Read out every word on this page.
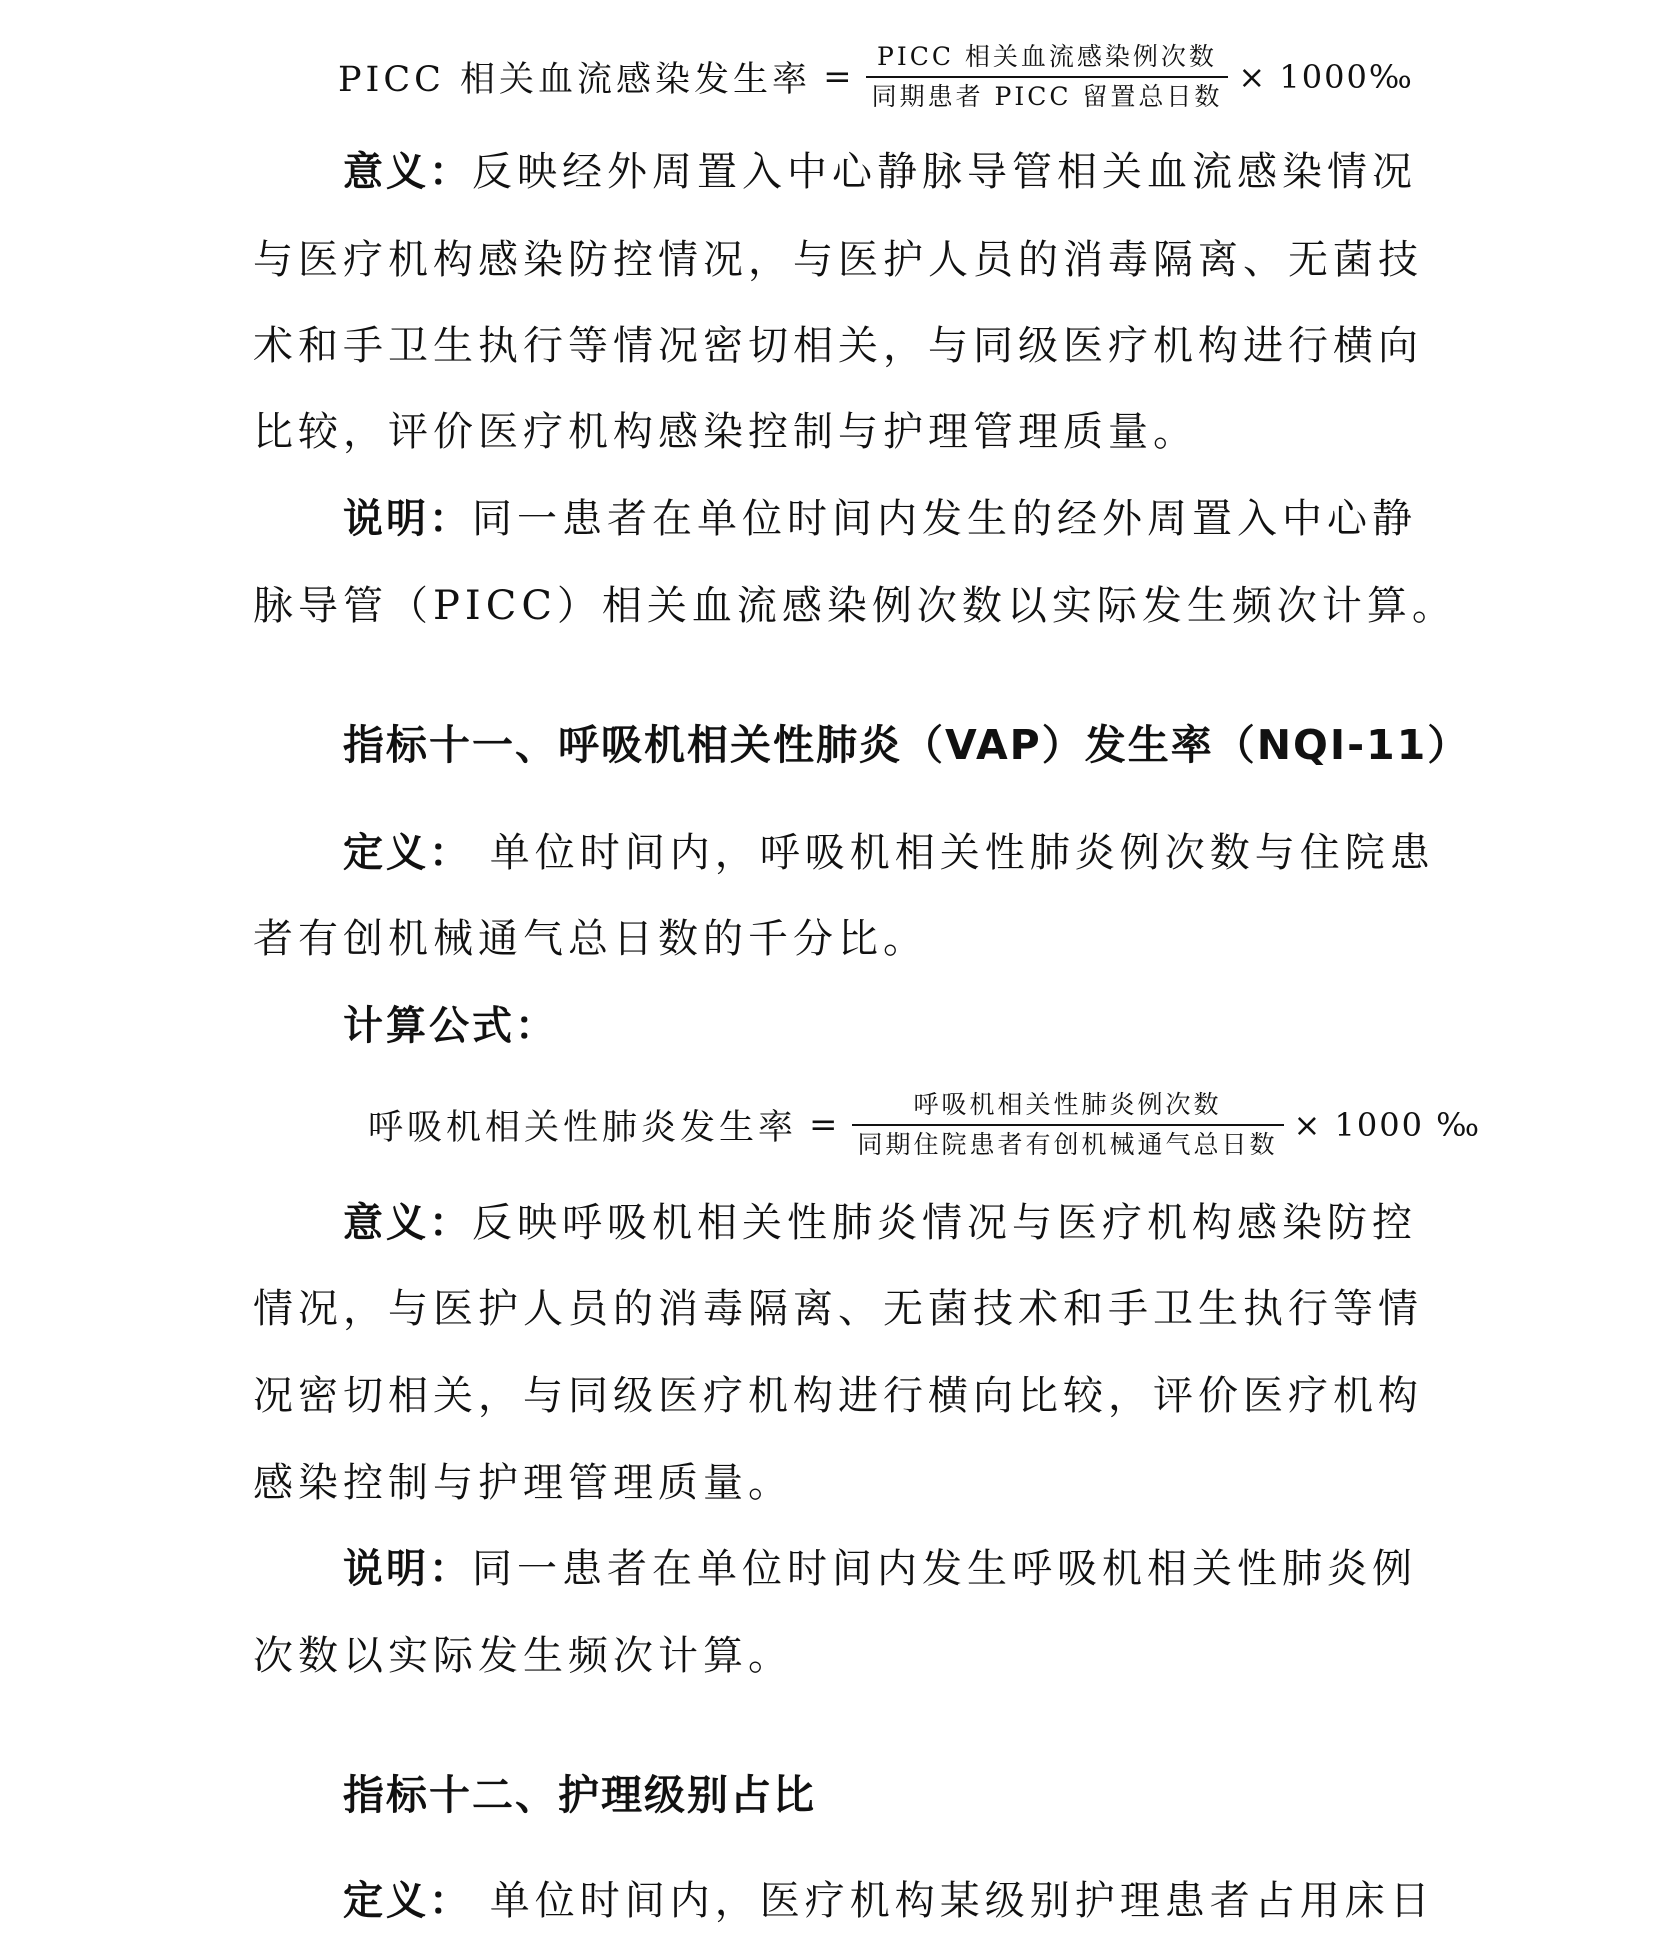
PICC 相关血流感染发生率 = $\frac{\text{PICC 相关血流感染例次数}}{\text{同期患者 PICC 留置总日数}}$ × 1000‰
意义：反映经外周置入中心静脉导管相关血流感染情况
与医疗机构感染防控情况，与医护人员的消毒隔离、无菌技
术和手卫生执行等情况密切相关，与同级医疗机构进行横向
比较，评价医疗机构感染控制与护理管理质量。
说明：同一患者在单位时间内发生的经外周置入中心静
脉导管（PICC）相关血流感染例次数以实际发生频次计算。
指标十一、呼吸机相关性肺炎（VAP）发生率（NQI-11）
定义： 单位时间内，呼吸机相关性肺炎例次数与住院患
者有创机械通气总日数的千分比。
计算公式：
呼吸机相关性肺炎发生率 = $\frac{\text{呼吸机相关性肺炎例次数}}{\text{同期住院患者有创机械通气总日数}} \times 1000$ ‰
意义：反映呼吸机相关性肺炎情况与医疗机构感染防控
情况，与医护人员的消毒隔离、无菌技术和手卫生执行等情
况密切相关，与同级医疗机构进行横向比较，评价医疗机构
感染控制与护理管理质量。
说明：同一患者在单位时间内发生呼吸机相关性肺炎例
次数以实际发生频次计算。
指标十二、护理级别占比
定义： 单位时间内，医疗机构某级别护理患者占用床日
